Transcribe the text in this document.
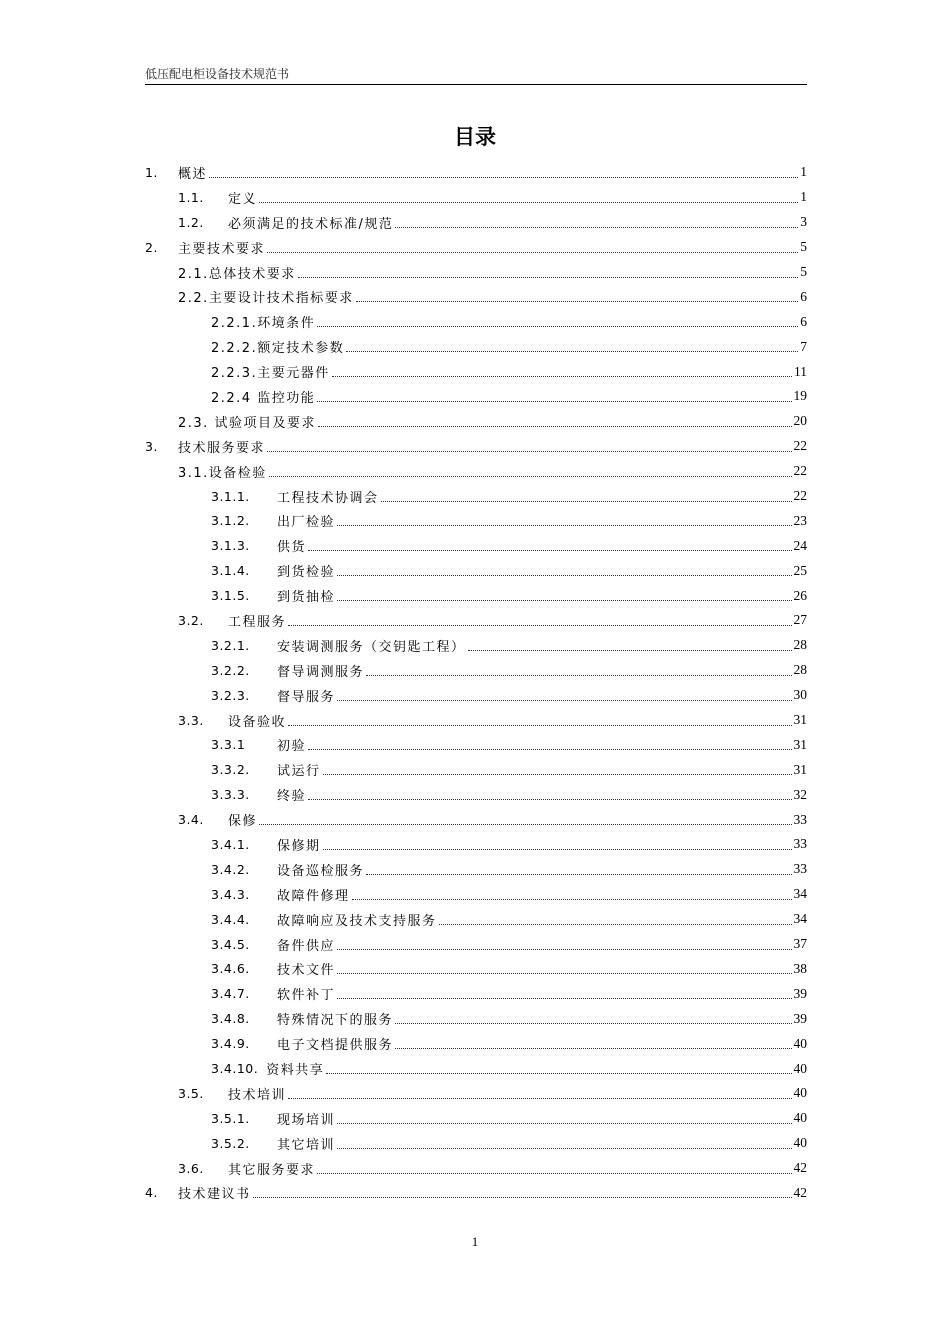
低压配电柜设备技术规范书
目录
1.	概述	1
1.1.	定义	1
1.2.	必须满足的技术标准/规范	3
2.	主要技术要求	5
2.1.总体技术要求	5
2.2.主要设计技术指标要求	6
2.2.1.环境条件	6
2.2.2.额定技术参数	7
2.2.3.主要元器件	11
2.2.4 监控功能	19
2.3. 试验项目及要求	20
3.	技术服务要求	22
3.1.设备检验	22
3.1.1.	工程技术协调会	22
3.1.2.	出厂检验	23
3.1.3.	供货	24
3.1.4.	到货检验	25
3.1.5.	到货抽检	26
3.2.	工程服务	27
3.2.1.	安装调测服务（交钥匙工程）	28
3.2.2.	督导调测服务	28
3.2.3.	督导服务	30
3.3.	设备验收	31
3.3.1	初验	31
3.3.2.	试运行	31
3.3.3.	终验	32
3.4.	保修	33
3.4.1.	保修期	33
3.4.2.	设备巡检服务	33
3.4.3.	故障件修理	34
3.4.4.	故障响应及技术支持服务	34
3.4.5.	备件供应	37
3.4.6.	技术文件	38
3.4.7.	软件补丁	39
3.4.8.	特殊情况下的服务	39
3.4.9.	电子文档提供服务	40
3.4.10. 资料共享	40
3.5.	技术培训	40
3.5.1.	现场培训	40
3.5.2.	其它培训	40
3.6.	其它服务要求	42
4.	技术建议书	42
1
